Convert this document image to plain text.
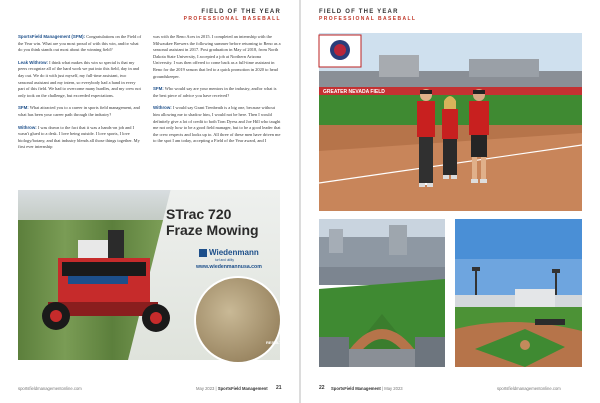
FIELD OF THE YEAR
PROFESSIONAL BASEBALL

SportsField Management (SFM): Congratulations on the Field of the Year win. What are you most proud of with this win, and/or what do you think stands out most about the winning field?

Leak Withrow: I think what makes this win so special is that my peers recognize all of the hard work we put into this field, day in and day out. We do it with just myself, my full-time assistant, two seasonal assistant and my intern, so everybody had a hand in every part of this field. We had to overcome many hurdles, and my crew not only took on the challenge, but exceeded expectations.

SFM: What attracted you to a career in sports field management, and what has been your career path through the industry?

Withrow: I was drawn to the fact that it was a hands-on job and I wasn't glued to a desk. I love being outside. I love sports, I love biology/botany, and that industry blends all those things together. My first ever internship

was with the Reno Aces in 2015. I completed an internship with the Milwaukee Brewers the following summer before returning to Reno as a seasonal assistant in 2017. Post graduation in May of 2018, from North Dakota State University, I accepted a job at Northern Arizona University. I was then offered to come back as a full-time assistant in Reno for the 2019 season that led to a quick promotion in 2020 to head groundskeeper.

SFM: Who would say are your mentors in the industry, and/or what is the best piece of advice you have received?

Withrow: I would say Grant Trenbeath is a big one, because without him allowing me to shadow him, I would not be here. Then I would definitely give a lot of credit to both Tom Dyess and Joe Hill who taught me not only how to be a good field manager, but to be a good leader that the crew respects and looks up to. All three of these men have driven me to the spot I am today, accepting a Field of the Year award, and I

STrac 720
Fraze Mowing
Wiedenmann
turf and utility
www.wiedenmannusa.com
RESULTS
sportsfieldmanagementonline.com	May 2023 | SportsField Management 21
FIELD OF THE YEAR
PROFESSIONAL BASEBALL
GREATER NEVADA FIELD
22 SportsField Management | May 2023	sportsfieldmanagementonline.com
